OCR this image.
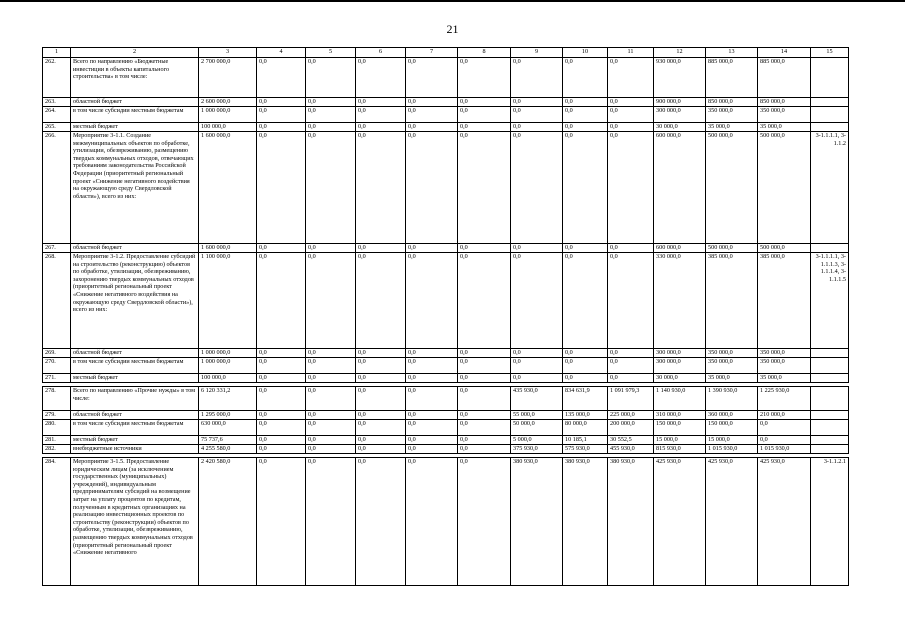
21
1	2	3	4	5	6	7	8	9	10	11	12	13	14	15
262.	Всего по направлению «Бюджетные инвестиции в объекты капитального строительства» в том числе:	2 700 000,0	0,0	0,0	0,0	0,0	0,0	0,0	0,0	0,0	930 000,0	885 000,0	885 000,0	
263.	областной бюджет	2 600 000,0	0,0	0,0	0,0	0,0	0,0	0,0	0,0	0,0	900 000,0	850 000,0	850 000,0	
264.	в том числе субсидии местным бюджетам	1 000 000,0	0,0	0,0	0,0	0,0	0,0	0,0	0,0	0,0	300 000,0	350 000,0	350 000,0	
265.	местный бюджет	100 000,0	0,0	0,0	0,0	0,0	0,0	0,0	0,0	0,0	30 000,0	35 000,0	35 000,0	
266.	Мероприятие 3-1.1. Создание межмуниципальных объектов по обработке, утилизации, обезвреживанию, размещению твердых коммунальных отходов, отвечающих требованиям законодательства Российской Федерации (приоритетный региональный проект «Снижение негативного воздействия на окружающую среду Свердловской области»), всего из них:	1 600 000,0	0,0	0,0	0,0	0,0	0,0	0,0	0,0	0,0	600 000,0	500 000,0	500 000,0	3-1.1.1.1, 3-1.1.2
267.	областной бюджет	1 600 000,0	0,0	0,0	0,0	0,0	0,0	0,0	0,0	0,0	600 000,0	500 000,0	500 000,0	
268.	Мероприятие 3-1.2. Предоставление субсидий на строительство (реконструкцию) объектов по обработке, утилизации, обезвреживанию, захоронению твердых коммунальных отходов (приоритетный региональный проект «Снижение негативного воздействия на окружающую среду Свердловской области»), всего из них:	1 100 000,0	0,0	0,0	0,0	0,0	0,0	0,0	0,0	0,0	330 000,0	385 000,0	385 000,0	3-1.1.1.1, 3-1.1.1.3, 3-1.1.1.4, 3-1.1.1.5
269.	областной бюджет	1 000 000,0	0,0	0,0	0,0	0,0	0,0	0,0	0,0	0,0	300 000,0	350 000,0	350 000,0	
270.	в том числе субсидии местным бюджетам	1 000 000,0	0,0	0,0	0,0	0,0	0,0	0,0	0,0	0,0	300 000,0	350 000,0	350 000,0	
271.	местный бюджет	100 000,0	0,0	0,0	0,0	0,0	0,0	0,0	0,0	0,0	30 000,0	35 000,0	35 000,0	

278.	Всего по направлению «Прочие нужды» в том числе:	6 120 331,2	0,0	0,0	0,0	0,0	0,0	435 930,0	834 631,9	1 091 979,3	1 140 930,0	1 390 930,0	1 225 930,0	
279.	областной бюджет	1 295 000,0	0,0	0,0	0,0	0,0	0,0	55 000,0	135 000,0	225 000,0	310 000,0	360 000,0	210 000,0	
280.	в том числе субсидии местным бюджетам	630 000,0	0,0	0,0	0,0	0,0	0,0	50 000,0	80 000,0	200 000,0	150 000,0	150 000,0	0,0	
281.	местный бюджет	75 737,6	0,0	0,0	0,0	0,0	0,0	5 000,0	10 185,1	30 552,5	15 000,0	15 000,0	0,0	
282.	внебюджетные источники	4 255 580,0	0,0	0,0	0,0	0,0	0,0	375 930,0	575 930,0	455 930,0	815 930,0	1 015 930,0	1 015 930,0	

284.	Мероприятие 3-1.5. Предоставление юридическим лицам (за исключением государственных (муниципальных) учреждений), индивидуальным предпринимателям субсидий на возмещение затрат на уплату процентов по кредитам, полученным в кредитных организациях на реализацию инвестиционных проектов по строительству (реконструкции) объектов по обработке, утилизации, обезвреживанию, размещению твердых коммунальных отходов (приоритетный региональный проект «Снижение негативного	2 420 580,0	0,0	0,0	0,0	0,0	0,0	380 930,0	380 930,0	380 930,0	425 930,0	425 930,0	425 930,0	3-1.1.2.1
